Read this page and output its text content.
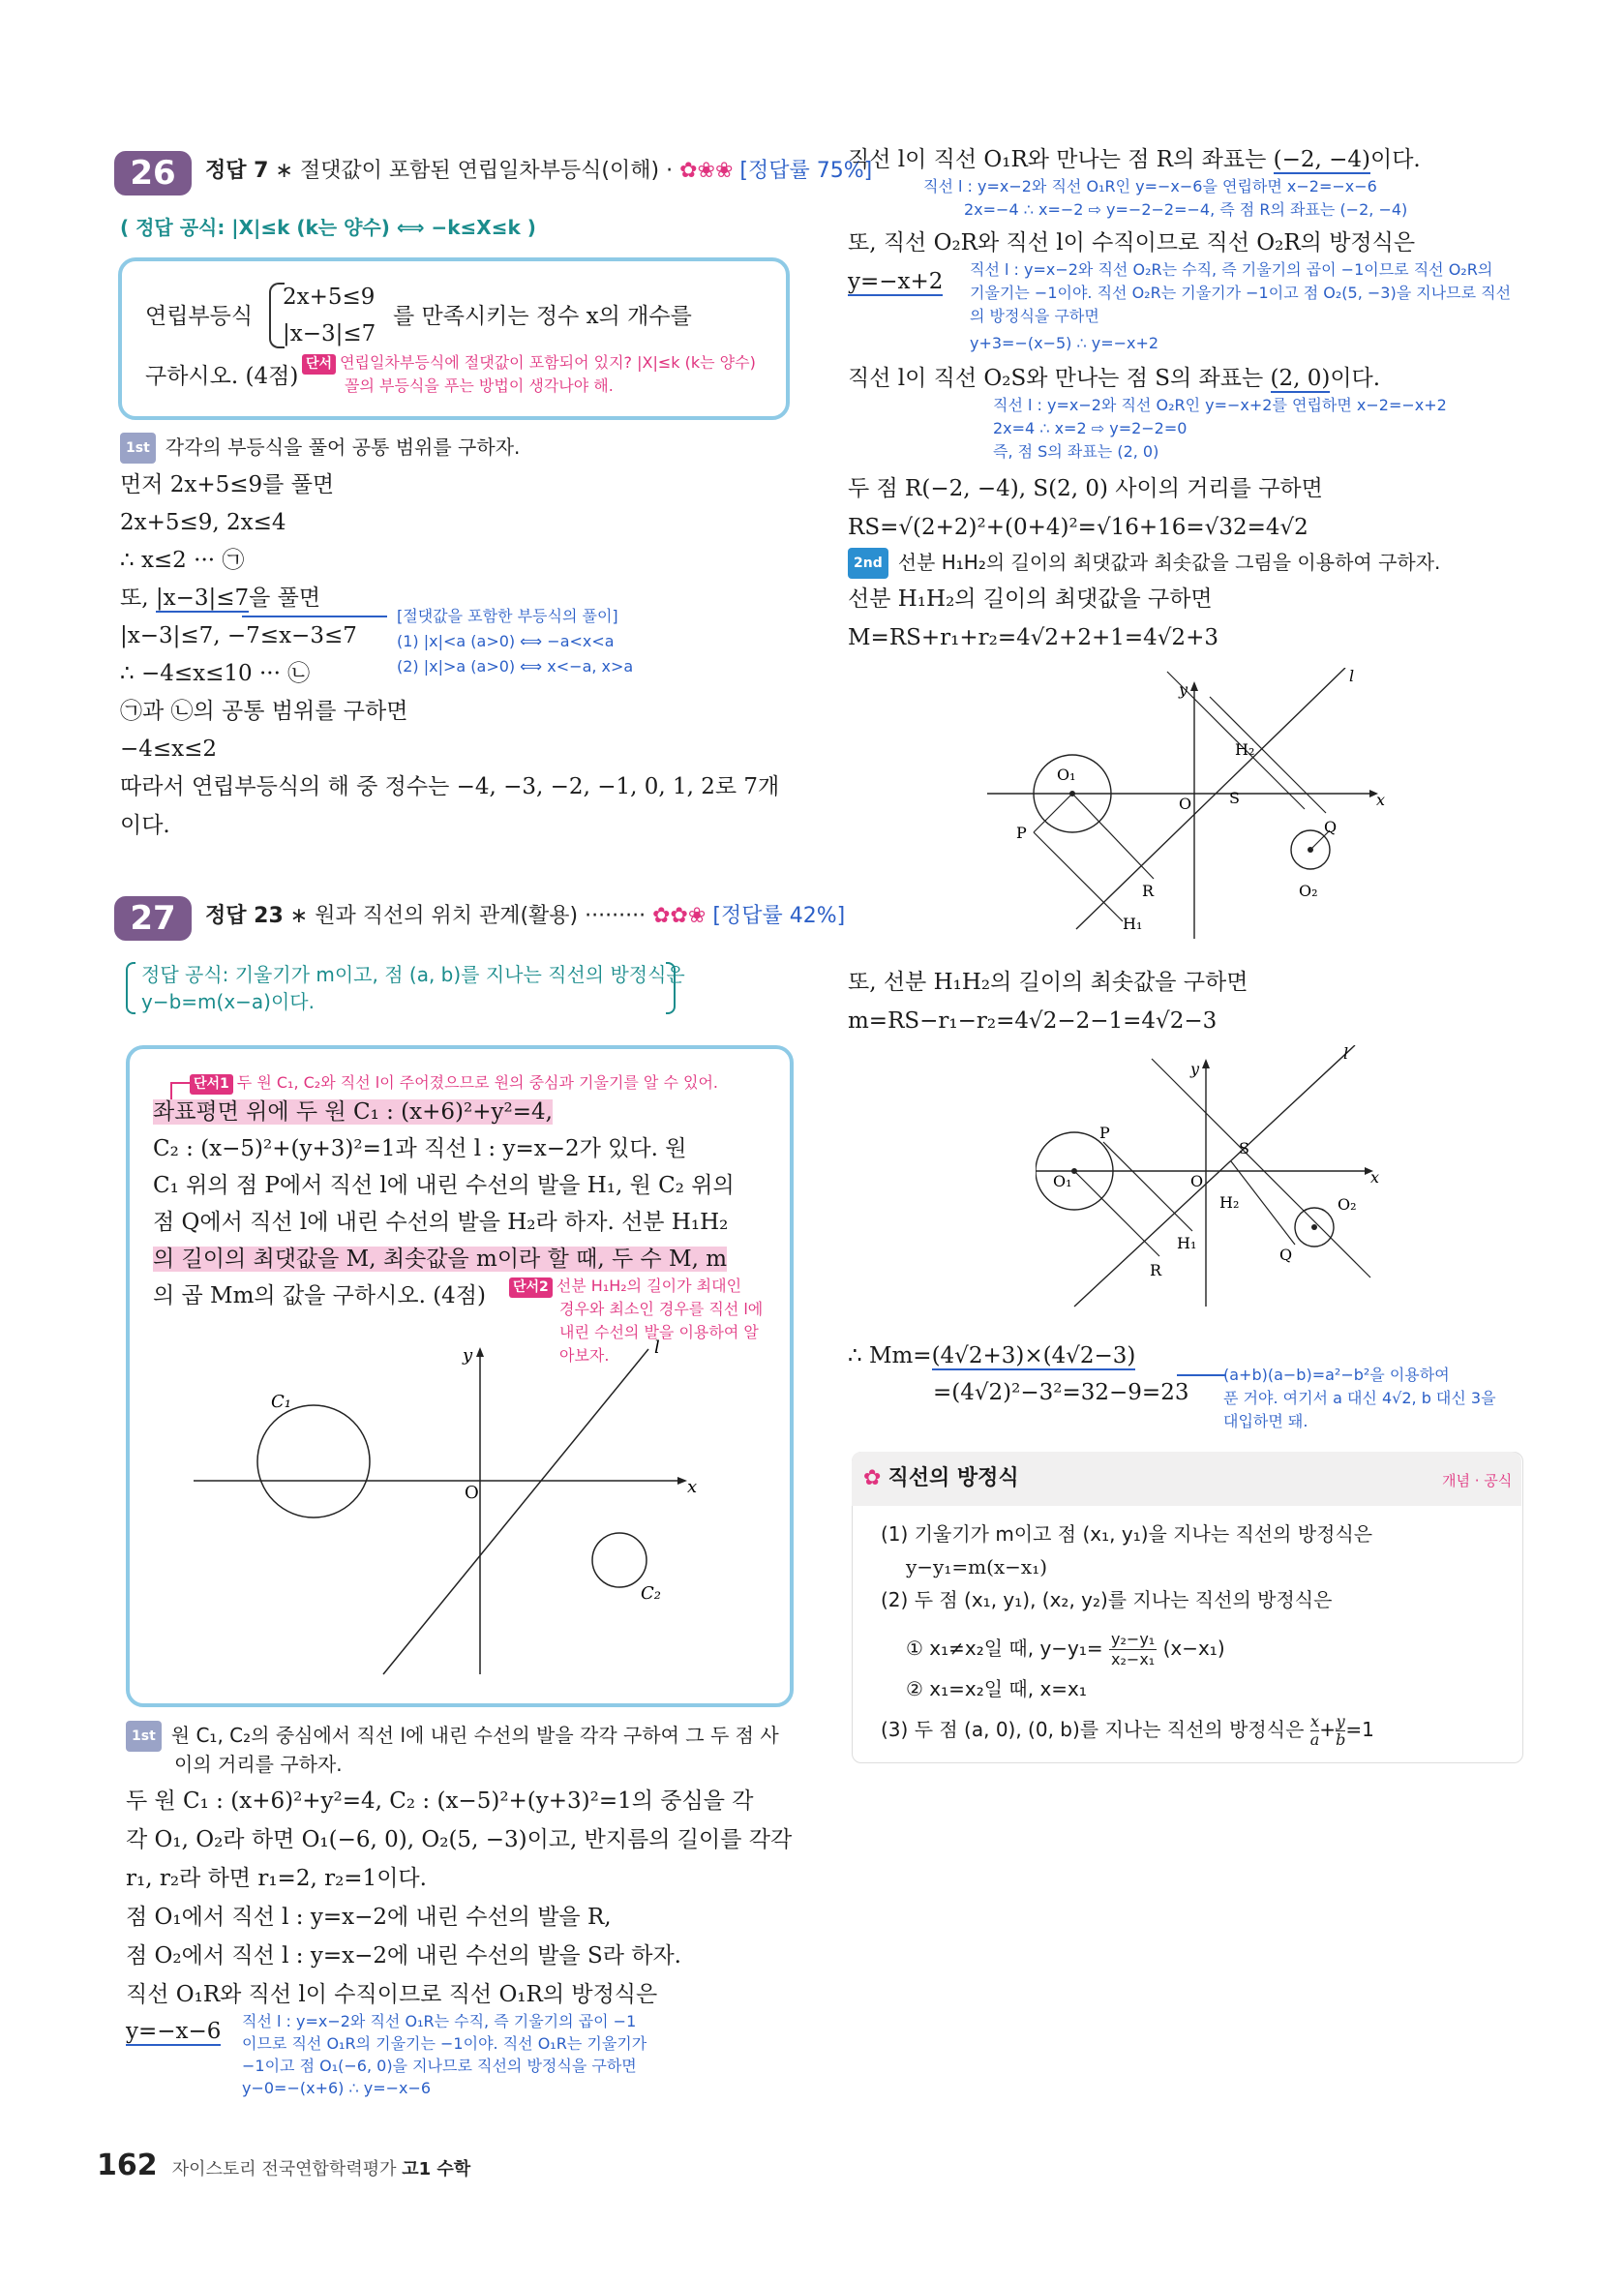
26	정답 7 ∗ 절댓값이 포함된 연립일차부등식(이해) · ✿❀❀ [정답률 75%]
( 정답 공식: |X|≤k (k는 양수) ⟺ −k≤X≤k )
연립부등식
2x+5≤9
|x−3|≤7
를 만족시키는 정수 x의 개수를
구하시오. (4점) 단서 연립일차부등식에 절댓값이 포함되어 있지? |X|≤k (k는 양수)
꼴의 부등식을 푸는 방법이 생각나야 해.
1st 각각의 부등식을 풀어 공통 범위를 구하자.
먼저 2x+5≤9를 풀면
2x+5≤9, 2x≤4
∴ x≤2 ··· ㉠
또, |x−3|≤7을 풀면
|x−3|≤7, −7≤x−3≤7
[절댓값을 포함한 부등식의 풀이]
(1) |x|<a (a>0) ⟺ −a<x<a
(2) |x|>a (a>0) ⟺ x<−a, x>a
∴ −4≤x≤10 ··· ㉡
㉠과 ㉡의 공통 범위를 구하면
−4≤x≤2
따라서 연립부등식의 해 중 정수는 −4, −3, −2, −1, 0, 1, 2로 7개
이다.
27	정답 23 ∗ 원과 직선의 위치 관계(활용) ········· ✿✿❀ [정답률 42%]
정답 공식: 기울기가 m이고, 점 (a, b)를 지나는 직선의 방정식은
y−b=m(x−a)이다.
단서1 두 원 C₁, C₂와 직선 l이 주어졌으므로 원의 중심과 기울기를 알 수 있어.
좌표평면 위에 두 원 C₁ : (x+6)²+y²=4,
C₂ : (x−5)²+(y+3)²=1과 직선 l : y=x−2가 있다. 원
C₁ 위의 점 P에서 직선 l에 내린 수선의 발을 H₁, 원 C₂ 위의
점 Q에서 직선 l에 내린 수선의 발을 H₂라 하자. 선분 H₁H₂
의 길이의 최댓값을 M, 최솟값을 m이라 할 때, 두 수 M, m
의 곱 Mm의 값을 구하시오. (4점) 단서2 선분 H₁H₂의 길이가 최대인
경우와 최소인 경우를 직선 l에
내린 수선의 발을 이용하여 알
아보자.
O	x
y
C₁
C₂
l
1st 원 C₁, C₂의 중심에서 직선 l에 내린 수선의 발을 각각 구하여 그 두 점 사
이의 거리를 구하자.
두 원 C₁ : (x+6)²+y²=4, C₂ : (x−5)²+(y+3)²=1의 중심을 각
각 O₁, O₂라 하면 O₁(−6, 0), O₂(5, −3)이고, 반지름의 길이를 각각
r₁, r₂라 하면 r₁=2, r₂=1이다.
점 O₁에서 직선 l : y=x−2에 내린 수선의 발을 R,
점 O₂에서 직선 l : y=x−2에 내린 수선의 발을 S라 하자.
직선 O₁R와 직선 l이 수직이므로 직선 O₁R의 방정식은
y=−x−6 직선 l : y=x−2와 직선 O₁R는 수직, 즉 기울기의 곱이 −1
이므로 직선 O₁R의 기울기는 −1이야. 직선 O₁R는 기울기가
−1이고 점 O₁(−6, 0)을 지나므로 직선의 방정식을 구하면
y−0=−(x+6) ∴ y=−x−6
직선 l이 직선 O₁R와 만나는 점 R의 좌표는 (−2, −4)이다.
직선 l : y=x−2와 직선 O₁R인 y=−x−6을 연립하면 x−2=−x−6
2x=−4 ∴ x=−2 ⇨ y=−2−2=−4, 즉 점 R의 좌표는 (−2, −4)
또, 직선 O₂R와 직선 l이 수직이므로 직선 O₂R의 방정식은
y=−x+2 직선 l : y=x−2와 직선 O₂R는 수직, 즉 기울기의 곱이 −1이므로 직선 O₂R의
기울기는 −1이야. 직선 O₂R는 기울기가 −1이고 점 O₂(5, −3)을 지나므로 직선
의 방정식을 구하면
y+3=−(x−5) ∴ y=−x+2
직선 l이 직선 O₂S와 만나는 점 S의 좌표는 (2, 0)이다.
직선 l : y=x−2와 직선 O₂R인 y=−x+2를 연립하면 x−2=−x+2
2x=4 ∴ x=2 ⇨ y=2−2=0
즉, 점 S의 좌표는 (2, 0)
두 점 R(−2, −4), S(2, 0) 사이의 거리를 구하면
RS=√(2+2)²+(0+4)²=√16+16=√32=4√2
2nd 선분 H₁H₂의 길이의 최댓값과 최솟값을 그림을 이용하여 구하자.
선분 H₁H₂의 길이의 최댓값을 구하면
M=RS+r₁+r₂=4√2+2+1=4√2+3
O	x
y
l
O₁
O₂
P	Q
R
S
H₁
H₂
또, 선분 H₁H₂의 길이의 최솟값을 구하면
m=RS−r₁−r₂=4√2−2−1=4√2−3
O	x
y
l
O₁
O₂
P
Q
R
S
H₁
H₂
∴ Mm=(4√2+3)×(4√2−3)
=(4√2)²−3²=32−9=23
(a+b)(a−b)=a²−b²을 이용하여
푼 거야. 여기서 a 대신 4√2, b 대신 3을
대입하면 돼.
✿ 직선의 방정식	개념 · 공식
(1) 기울기가 m이고 점 (x₁, y₁)을 지나는 직선의 방정식은
y−y₁=m(x−x₁)
(2) 두 점 (x₁, y₁), (x₂, y₂)를 지나는 직선의 방정식은
① x₁≠x₂일 때, $y-y_1= \frac{\text{y₂−y₁}}{\text{x₂−x₁}} (x-x_1)$
② x₁=x₂일 때, x=x₁
(3) 두 점 (a, 0), (0, b)를 지나는 직선의 방정식은 $\frac{x}{a} + \frac{y}{b} =1$
162 자이스토리 전국연합학력평가 고1 수학
